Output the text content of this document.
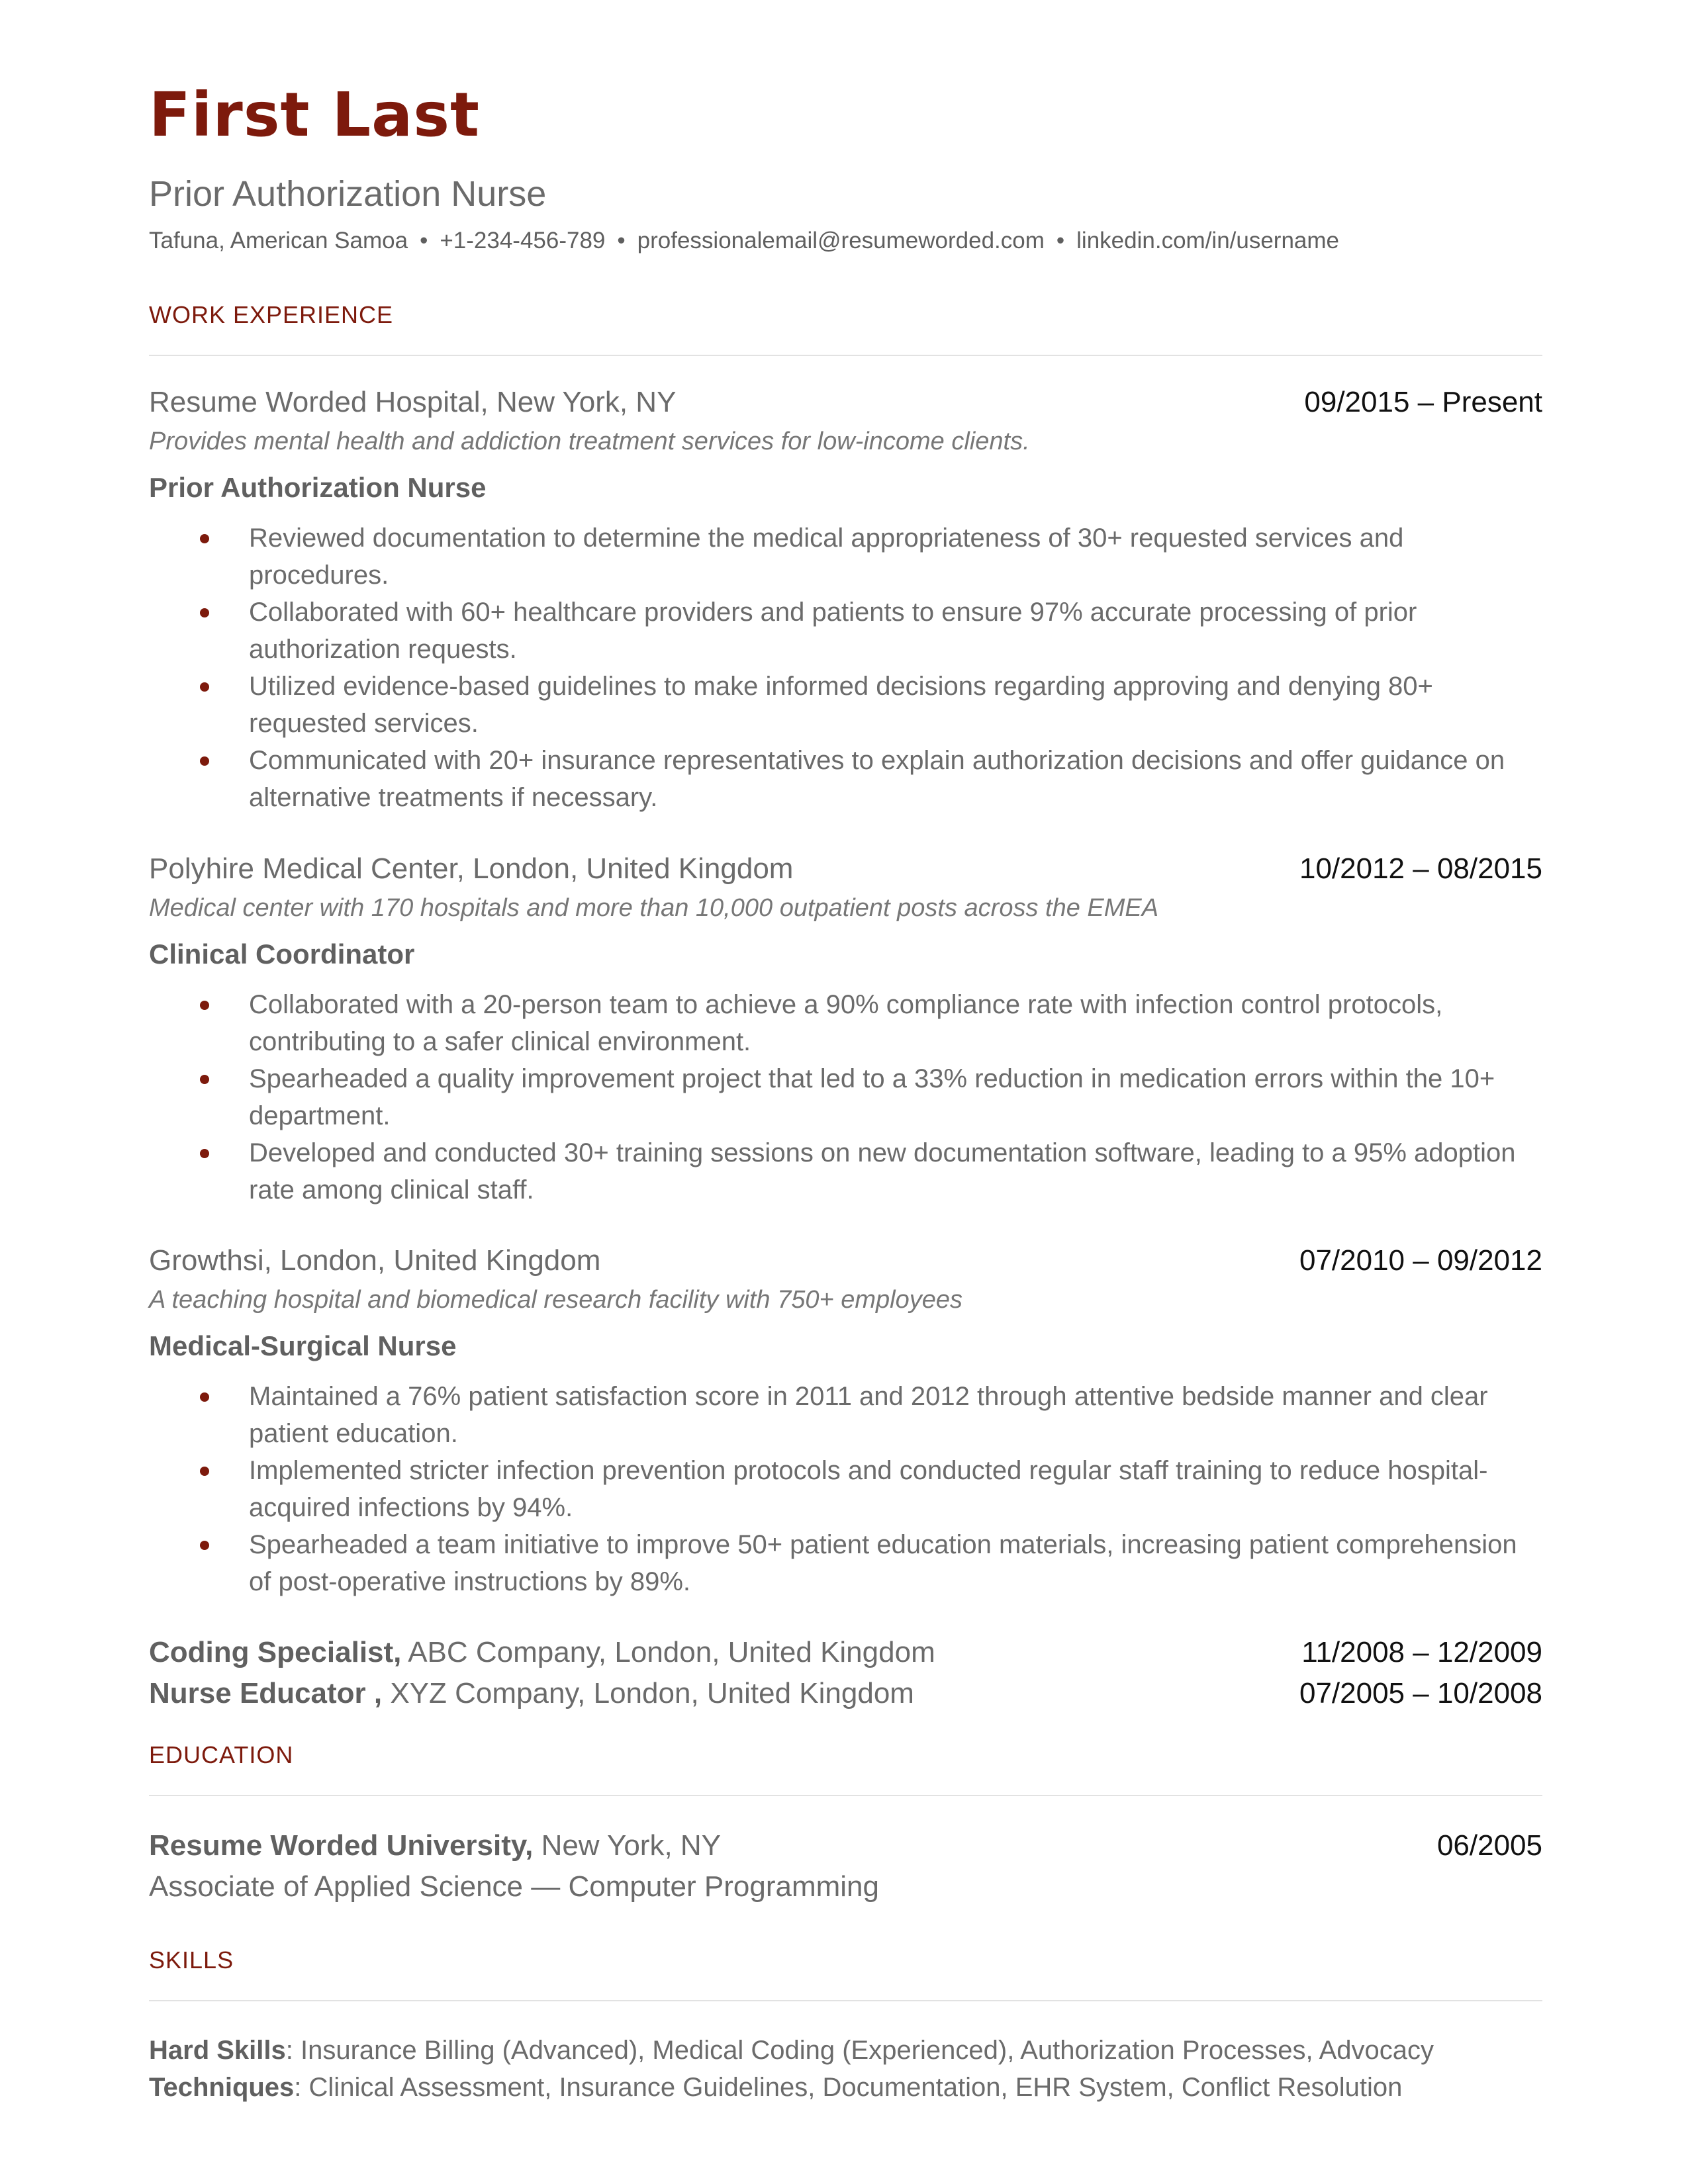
First Last
Prior Authorization Nurse
Tafuna, American Samoa • +1-234-456-789 • professionalemail@resumeworded.com • linkedin.com/in/username
WORK EXPERIENCE
Resume Worded Hospital, New York, NY	09/2015 – Present
Provides mental health and addiction treatment services for low-income clients.
Prior Authorization Nurse
Reviewed documentation to determine the medical appropriateness of 30+ requested services and procedures.
Collaborated with 60+ healthcare providers and patients to ensure 97% accurate processing of prior authorization requests.
Utilized evidence-based guidelines to make informed decisions regarding approving and denying 80+ requested services.
Communicated with 20+ insurance representatives to explain authorization decisions and offer guidance on alternative treatments if necessary.
Polyhire Medical Center, London, United Kingdom	10/2012 – 08/2015
Medical center with 170 hospitals and more than 10,000 outpatient posts across the EMEA
Clinical Coordinator
Collaborated with a 20-person team to achieve a 90% compliance rate with infection control protocols, contributing to a safer clinical environment.
Spearheaded a quality improvement project that led to a 33% reduction in medication errors within the 10+ department.
Developed and conducted 30+ training sessions on new documentation software, leading to a 95% adoption rate among clinical staff.
Growthsi, London, United Kingdom	07/2010 – 09/2012
A teaching hospital and biomedical research facility with 750+ employees
Medical-Surgical Nurse
Maintained a 76% patient satisfaction score in 2011 and 2012 through attentive bedside manner and clear patient education.
Implemented stricter infection prevention protocols and conducted regular staff training to reduce hospital-acquired infections by 94%.
Spearheaded a team initiative to improve 50+ patient education materials, increasing patient comprehension of post-operative instructions by 89%.
Coding Specialist, ABC Company, London, United Kingdom	11/2008 – 12/2009
Nurse Educator , XYZ Company, London, United Kingdom	07/2005 – 10/2008
EDUCATION
Resume Worded University, New York, NY	06/2005
Associate of Applied Science — Computer Programming
SKILLS
Hard Skills: Insurance Billing (Advanced), Medical Coding (Experienced), Authorization Processes, Advocacy
Techniques: Clinical Assessment, Insurance Guidelines, Documentation, EHR System, Conflict Resolution
